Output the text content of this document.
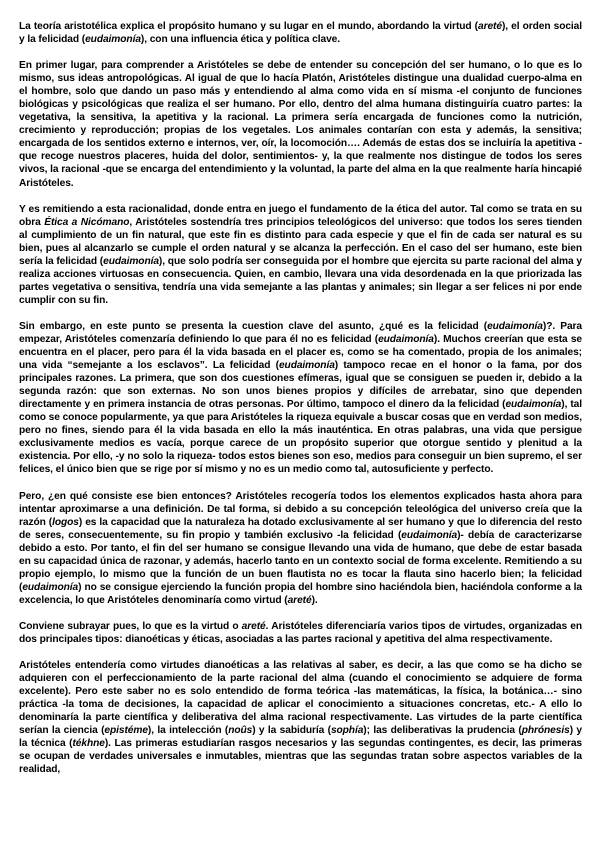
La teoría aristotélica explica el propósito humano y su lugar en el mundo, abordando la virtud (areté), el orden social y la felicidad (eudaimonía), con una influencia ética y política clave.

En primer lugar, para comprender a Aristóteles se debe de entender su concepción del ser humano, o lo que es lo mismo, sus ideas antropológicas. Al igual de que lo hacía Platón, Aristóteles distingue una dualidad cuerpo-alma en el hombre, solo que dando un paso más y entendiendo al alma como vida en sí misma -el conjunto de funciones biológicas y psicológicas que realiza el ser humano. Por ello, dentro del alma humana distinguiría cuatro partes: la vegetativa, la sensitiva, la apetitiva y la racional. La primera sería encargada de funciones como la nutrición, crecimiento y reproducción; propias de los vegetales. Los animales contarían con esta y además, la sensitiva; encargada de los sentidos externo e internos, ver, oír, la locomoción…. Además de estas dos se incluiría la apetitiva -que recoge nuestros placeres, huida del dolor, sentimientos- y, la que realmente nos distingue de todos los seres vivos, la racional -que se encarga del entendimiento y la voluntad, la parte del alma en la que realmente haría hincapié Aristóteles.

Y es remitiendo a esta racionalidad, donde entra en juego el fundamento de la ética del autor. Tal como se trata en su obra Ética a Nicómano, Aristóteles sostendría tres principios teleológicos del universo: que todos los seres tienden al cumplimiento de un fin natural, que este fin es distinto para cada especie y que el fin de cada ser natural es su bien, pues al alcanzarlo se cumple el orden natural y se alcanza la perfección. En el caso del ser humano, este bien sería la felicidad (eudaimonía), que solo podría ser conseguida por el hombre que ejercita su parte racional del alma y realiza acciones virtuosas en consecuencia. Quien, en cambio, llevara una vida desordenada en la que priorizada las partes vegetativa o sensitiva, tendría una vida semejante a las plantas y animales; sin llegar a ser felices ni por ende cumplir con su fin.

Sin embargo, en este punto se presenta la cuestion clave del asunto, ¿qué es la felicidad (eudaimonía)?. Para empezar, Aristóteles comenzaría definiendo lo que para él no es felicidad (eudaimonía). Muchos creerían que esta se encuentra en el placer, pero para él la vida basada en el placer es, como se ha comentado, propia de los animales; una vida “semejante a los esclavos”. La felicidad (eudaimonía) tampoco recae en el honor o la fama, por dos principales razones. La primera, que son dos cuestiones efímeras, igual que se consiguen se pueden ir, debido a la segunda razón: que son externas. No son unos bienes propios y difíciles de arrebatar, sino que dependen directamente y en primera instancia de otras personas. Por último, tampoco el dinero da la felicidad (eudaimonía), tal como se conoce popularmente, ya que para Aristóteles la riqueza equivale a buscar cosas que en verdad son medios, pero no fines, siendo para él la vida basada en ello la más inauténtica. En otras palabras, una vida que persigue exclusivamente medios es vacía, porque carece de un propósito superior que otorgue sentido y plenitud a la existencia. Por ello, -y no solo la riqueza- todos estos bienes son eso, medios para conseguir un bien supremo, el ser felices, el único bien que se rige por sí mismo y no es un medio como tal, autosuficiente y perfecto.

Pero, ¿en qué consiste ese bien entonces? Aristóteles recogería todos los elementos explicados hasta ahora para intentar aproximarse a una definición. De tal forma, si debido a su concepción teleológica del universo creía que la razón (logos) es la capacidad que la naturaleza ha dotado exclusivamente al ser humano y que lo diferencia del resto de seres, consecuentemente, su fin propio y también exclusivo -la felicidad (eudaimonía)- debía de caracterizarse debido a esto. Por tanto, el fin del ser humano se consigue llevando una vida de humano, que debe de estar basada en su capacidad única de razonar, y además, hacerlo tanto en un contexto social de forma excelente. Remitiendo a su propio ejemplo, lo mismo que la función de un buen flautista no es tocar la flauta sino hacerlo bien; la felicidad (eudaimonía) no se consigue ejerciendo la función propia del hombre sino haciéndola bien, haciéndola conforme a la excelencia, lo que Aristóteles denominaría como virtud (areté).

Conviene subrayar pues, lo que es la virtud o areté. Aristóteles diferenciaría varios tipos de virtudes, organizadas en dos principales tipos: dianoéticas y éticas, asociadas a las partes racional y apetitiva del alma respectivamente.

Aristóteles entendería como virtudes dianoéticas a las relativas al saber, es decir, a las que como se ha dicho se adquieren con el perfeccionamiento de la parte racional del alma (cuando el conocimiento se adquiere de forma excelente). Pero este saber no es solo entendido de forma teórica -las matemáticas, la física, la botánica…- sino práctica -la toma de decisiones, la capacidad de aplicar el conocimiento a situaciones concretas, etc.- A ello lo denominaría la parte científica y deliberativa del alma racional respectivamente. Las virtudes de la parte científica serían la ciencia (epistéme), la intelección (noûs) y la sabiduría (sophía); las deliberativas la prudencia (phrónesis) y la técnica (tékhne). Las primeras estudiarían rasgos necesarios y las segundas contingentes, es decir, las primeras se ocupan de verdades universales e inmutables, mientras que las segundas tratan sobre aspectos variables de la realidad,
